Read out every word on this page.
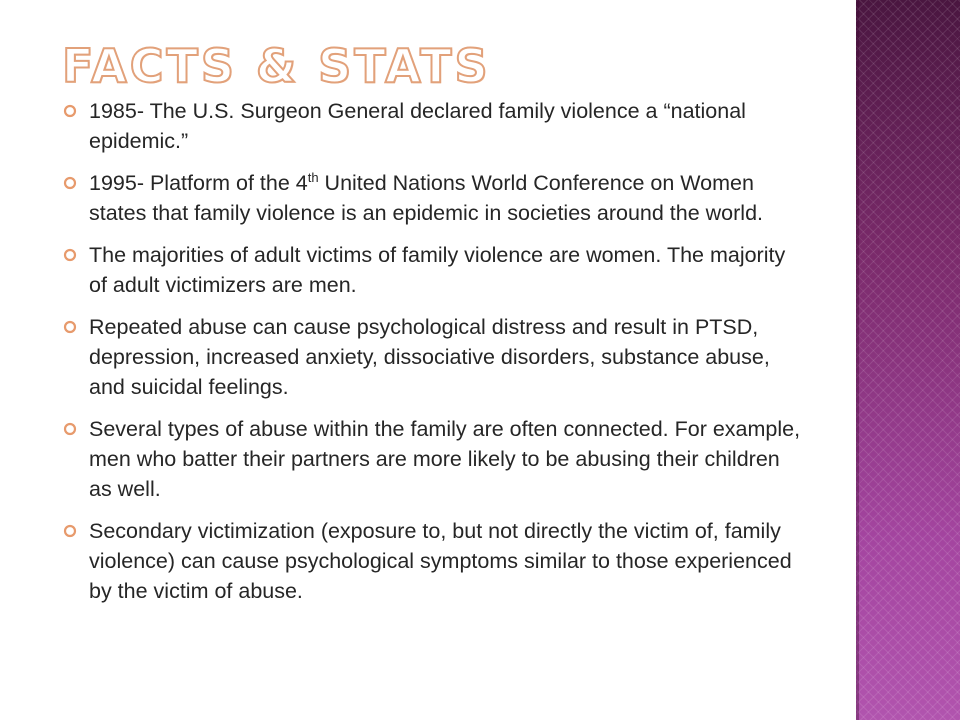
FACTS & STATS

1985- The U.S. Surgeon General declared family violence a “national epidemic.”

1995- Platform of the 4th United Nations World Conference on Women states that family violence is an epidemic in societies around the world.

The majorities of adult victims of family violence are women. The majority of adult victimizers are men.

Repeated abuse can cause psychological distress and result in PTSD, depression, increased anxiety, dissociative disorders, substance abuse, and suicidal feelings.

Several types of abuse within the family are often connected. For example, men who batter their partners are more likely to be abusing their children as well.

Secondary victimization (exposure to, but not directly the victim of, family violence) can cause psychological symptoms similar to those experienced by the victim of abuse.
